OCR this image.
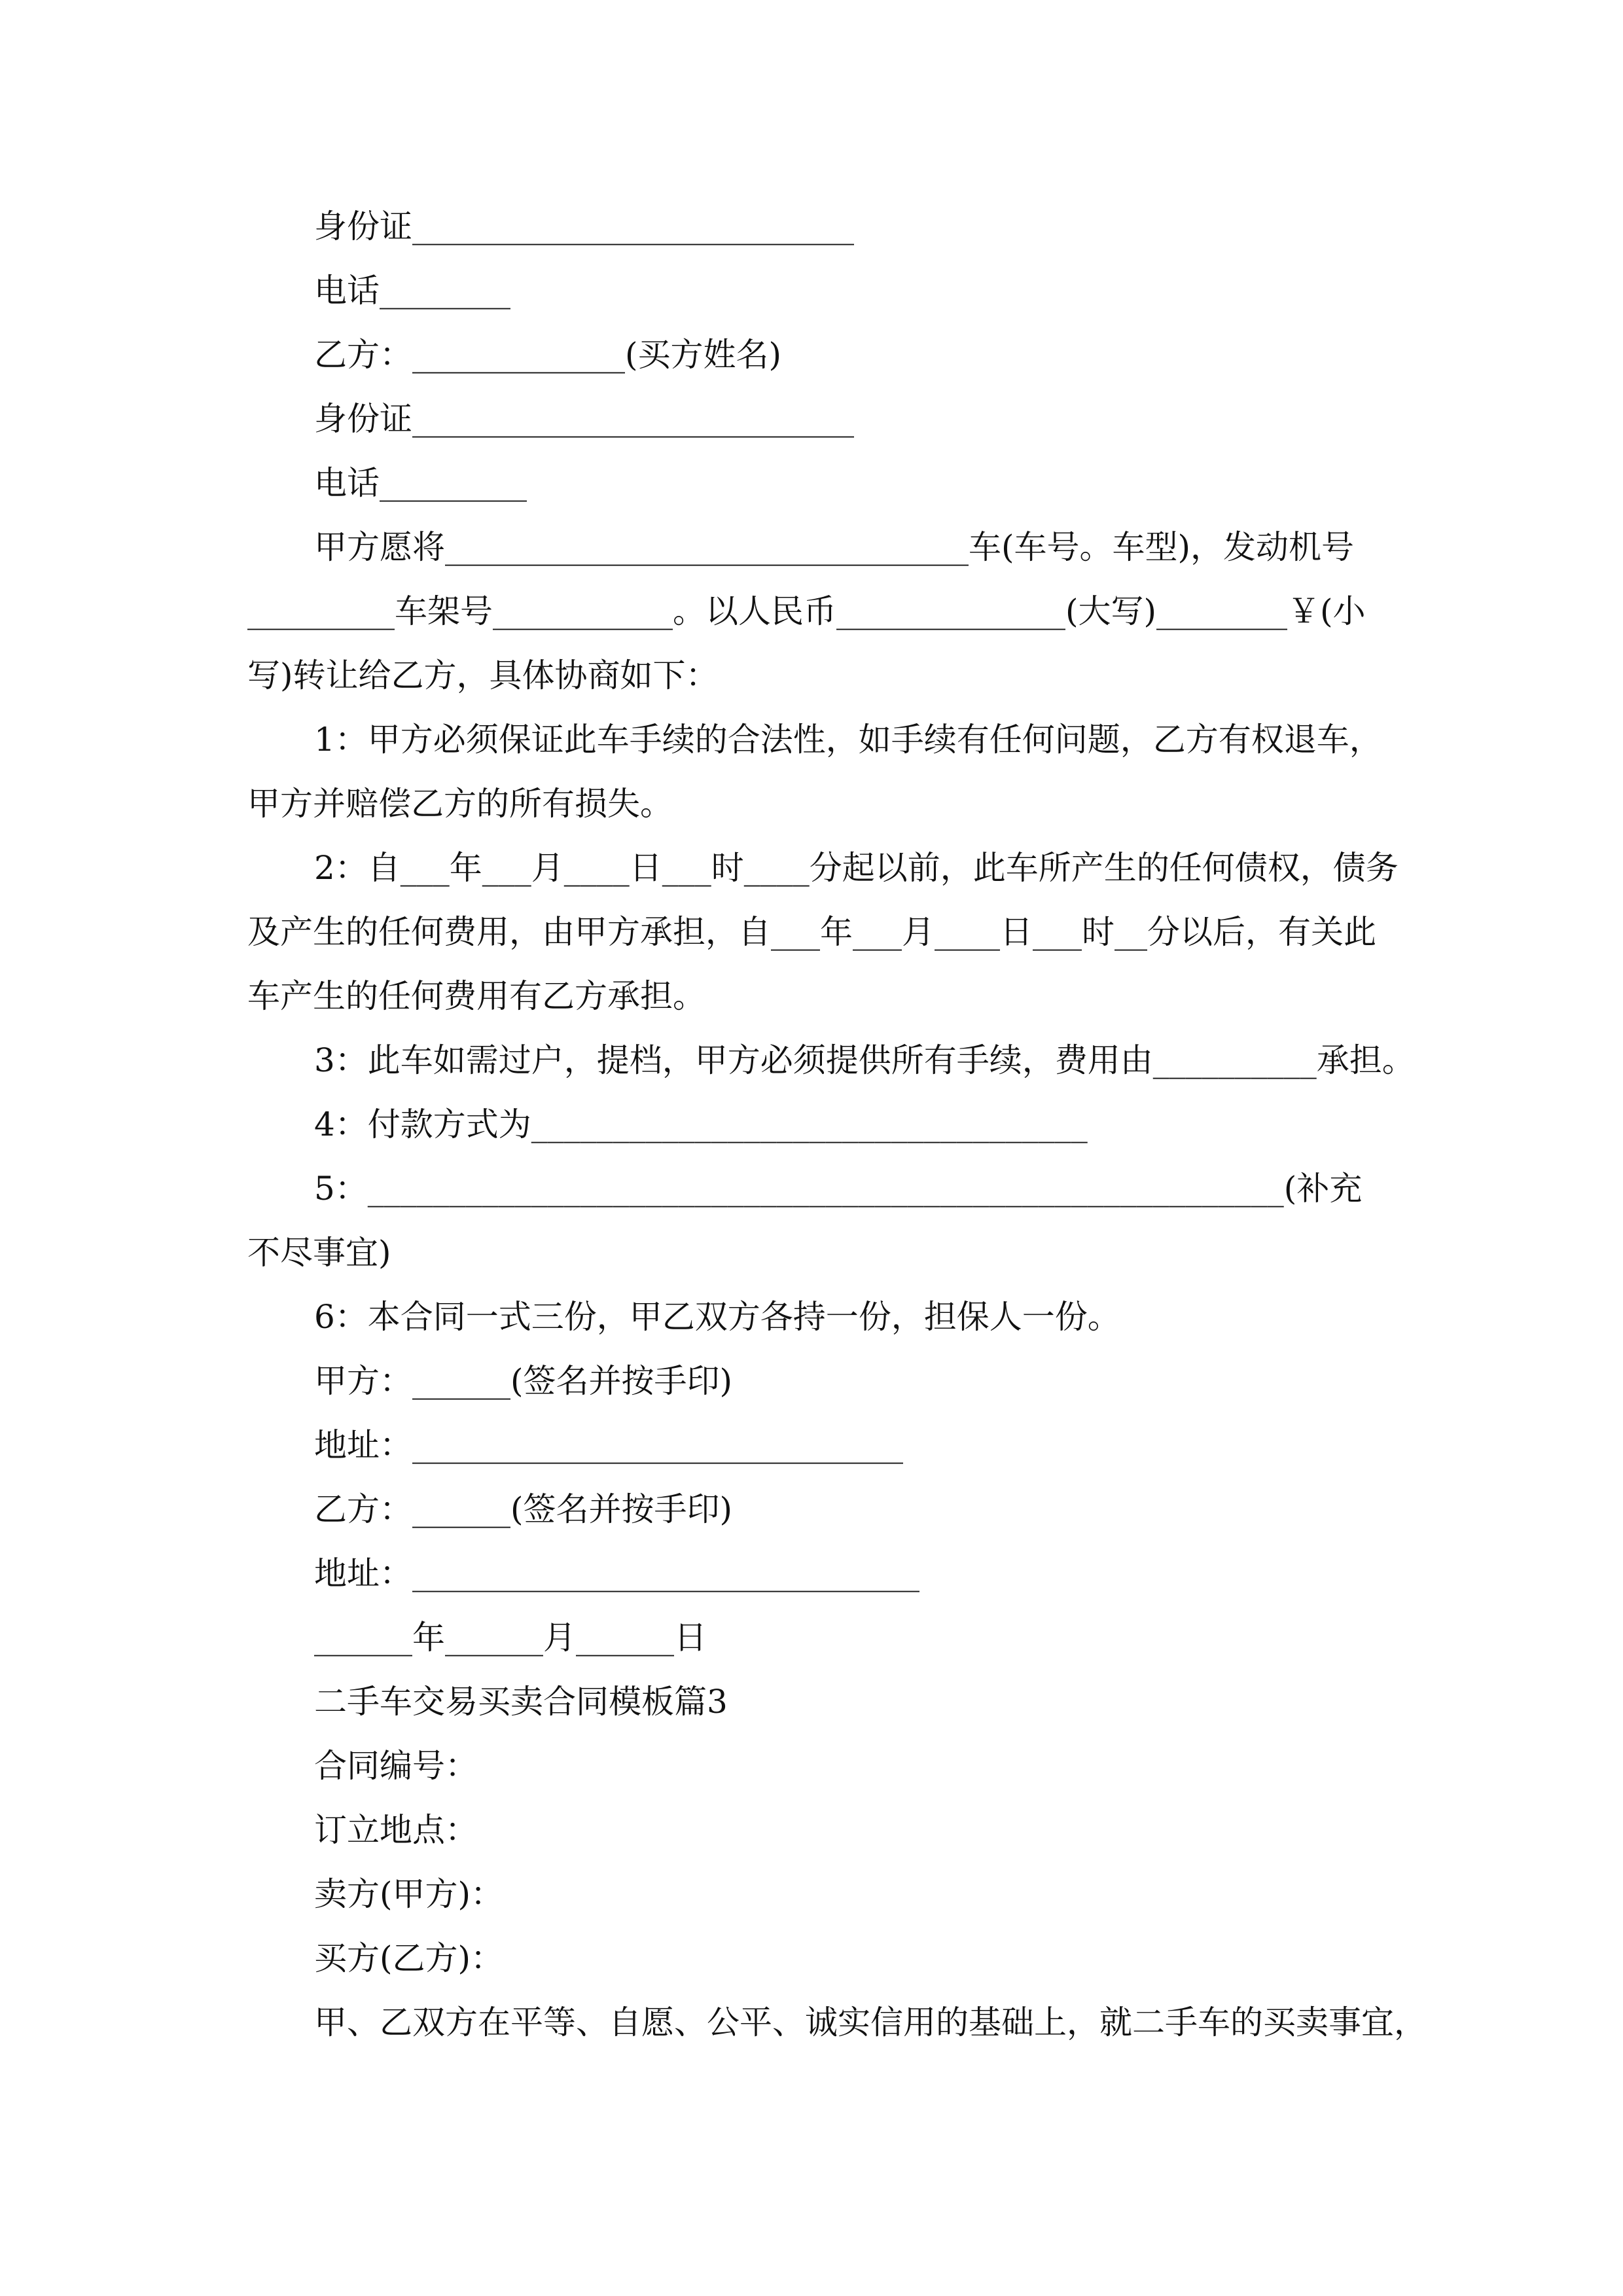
身份证___________________________
电话________
乙方：_____________(买方姓名)
身份证___________________________
电话_________
甲方愿将________________________________车(车号。车型)，发动机号
_________车架号___________。以人民币______________(大写)________￥(小
写)转让给乙方，具体协商如下：
1：甲方必须保证此车手续的合法性，如手续有任何问题，乙方有权退车，
甲方并赔偿乙方的所有损失。
2：自___年___月____日___时____分起以前，此车所产生的任何债权，债务
及产生的任何费用，由甲方承担，自___年___月____日___时__分以后，有关此
车产生的任何费用有乙方承担。
3：此车如需过户，提档，甲方必须提供所有手续，费用由__________承担。
4：付款方式为__________________________________
5：________________________________________________________(补充
不尽事宜)
6：本合同一式三份，甲乙双方各持一份，担保人一份。
甲方：______(签名并按手印)
地址：______________________________
乙方：______(签名并按手印)
地址：_______________________________
______年______月______日
二手车交易买卖合同模板篇3
合同编号：
订立地点：
卖方(甲方)：
买方(乙方)：
甲、乙双方在平等、自愿、公平、诚实信用的基础上，就二手车的买卖事宜，
